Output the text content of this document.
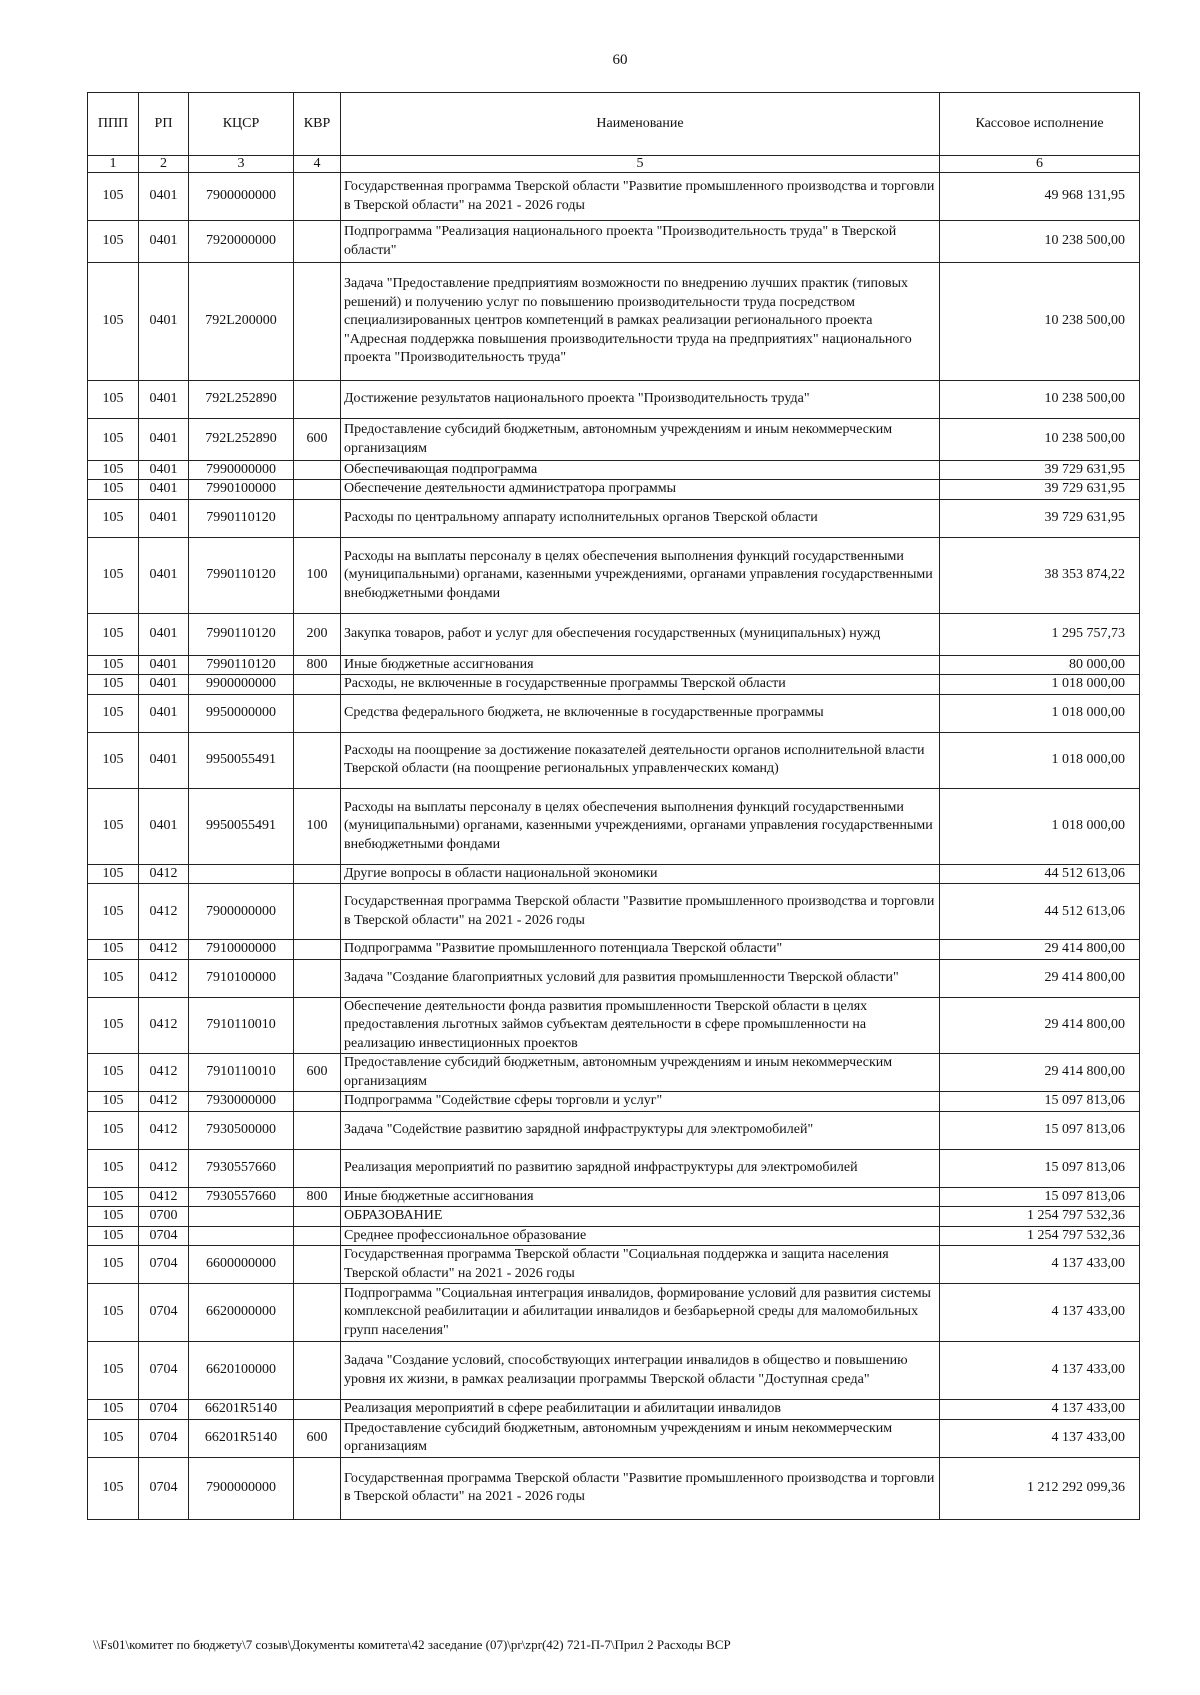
60
ППП	РП	КЦСР	КВР	Наименование	Кассовое исполнение
1	2	3	4	5	6
105	0401	7900000000		Государственная программа Тверской области "Развитие промышленного производства и торговли в Тверской области" на 2021 - 2026 годы	49 968 131,95
105	0401	7920000000		Подпрограмма "Реализация национального проекта "Производительность труда" в Тверской области"	10 238 500,00
105	0401	792L200000		Задача "Предоставление предприятиям возможности по внедрению лучших практик (типовых решений) и получению услуг по повышению производительности труда посредством специализированных центров компетенций в рамках реализации регионального проекта "Адресная поддержка повышения производительности труда на предприятиях" национального проекта "Производительность труда"	10 238 500,00
105	0401	792L252890		Достижение результатов национального проекта "Производительность труда"	10 238 500,00
105	0401	792L252890	600	Предоставление субсидий бюджетным, автономным учреждениям и иным некоммерческим организациям	10 238 500,00
105	0401	7990000000		Обеспечивающая подпрограмма	39 729 631,95
105	0401	7990100000		Обеспечение деятельности администратора программы	39 729 631,95
105	0401	7990110120		Расходы по центральному аппарату исполнительных органов Тверской области	39 729 631,95
105	0401	7990110120	100	Расходы на выплаты персоналу в целях обеспечения выполнения функций государственными (муниципальными) органами, казенными учреждениями, органами управления государственными внебюджетными фондами	38 353 874,22
105	0401	7990110120	200	Закупка товаров, работ и услуг для обеспечения государственных (муниципальных) нужд	1 295 757,73
105	0401	7990110120	800	Иные бюджетные ассигнования	80 000,00
105	0401	9900000000		Расходы, не включенные в государственные программы Тверской области	1 018 000,00
105	0401	9950000000		Средства федерального бюджета, не включенные в государственные программы	1 018 000,00
105	0401	9950055491		Расходы на поощрение за достижение показателей деятельности органов исполнительной власти Тверской области (на поощрение региональных управленческих команд)	1 018 000,00
105	0401	9950055491	100	Расходы на выплаты персоналу в целях обеспечения выполнения функций государственными (муниципальными) органами, казенными учреждениями, органами управления государственными внебюджетными фондами	1 018 000,00
105	0412			Другие вопросы в области национальной экономики	44 512 613,06
105	0412	7900000000		Государственная программа Тверской области "Развитие промышленного производства и торговли в Тверской области" на 2021 - 2026 годы	44 512 613,06
105	0412	7910000000		Подпрограмма "Развитие промышленного потенциала Тверской области"	29 414 800,00
105	0412	7910100000		Задача "Создание благоприятных условий для развития промышленности Тверской области"	29 414 800,00
105	0412	7910110010		Обеспечение деятельности фонда развития промышленности Тверской области в целях предоставления льготных займов субъектам деятельности в сфере промышленности на реализацию инвестиционных проектов	29 414 800,00
105	0412	7910110010	600	Предоставление субсидий бюджетным, автономным учреждениям и иным некоммерческим организациям	29 414 800,00
105	0412	7930000000		Подпрограмма "Содействие сферы торговли и услуг"	15 097 813,06
105	0412	7930500000		Задача "Содействие развитию зарядной инфраструктуры для электромобилей"	15 097 813,06
105	0412	7930557660		Реализация мероприятий по развитию зарядной инфраструктуры для электромобилей	15 097 813,06
105	0412	7930557660	800	Иные бюджетные ассигнования	15 097 813,06
105	0700			ОБРАЗОВАНИЕ	1 254 797 532,36
105	0704			Среднее профессиональное образование	1 254 797 532,36
105	0704	6600000000		Государственная программа Тверской области "Социальная поддержка и защита населения Тверской области" на 2021 - 2026 годы	4 137 433,00
105	0704	6620000000		Подпрограмма "Социальная интеграция инвалидов, формирование условий для развития системы комплексной реабилитации и абилитации инвалидов и безбарьерной среды для маломобильных групп населения"	4 137 433,00
105	0704	6620100000		Задача "Создание условий, способствующих интеграции инвалидов в общество и повышению уровня их жизни, в рамках реализации программы Тверской области "Доступная среда"	4 137 433,00
105	0704	66201R5140		Реализация мероприятий в сфере реабилитации и абилитации инвалидов	4 137 433,00
105	0704	66201R5140	600	Предоставление субсидий бюджетным, автономным учреждениям и иным некоммерческим организациям	4 137 433,00
105	0704	7900000000		Государственная программа Тверской области "Развитие промышленного производства и торговли в Тверской области" на 2021 - 2026 годы	1 212 292 099,36
\\Fs01\комитет по бюджету\7 созыв\Документы комитета\42 заседание (07)\pr\zpr(42) 721-П-7\Прил 2 Расходы ВСР
